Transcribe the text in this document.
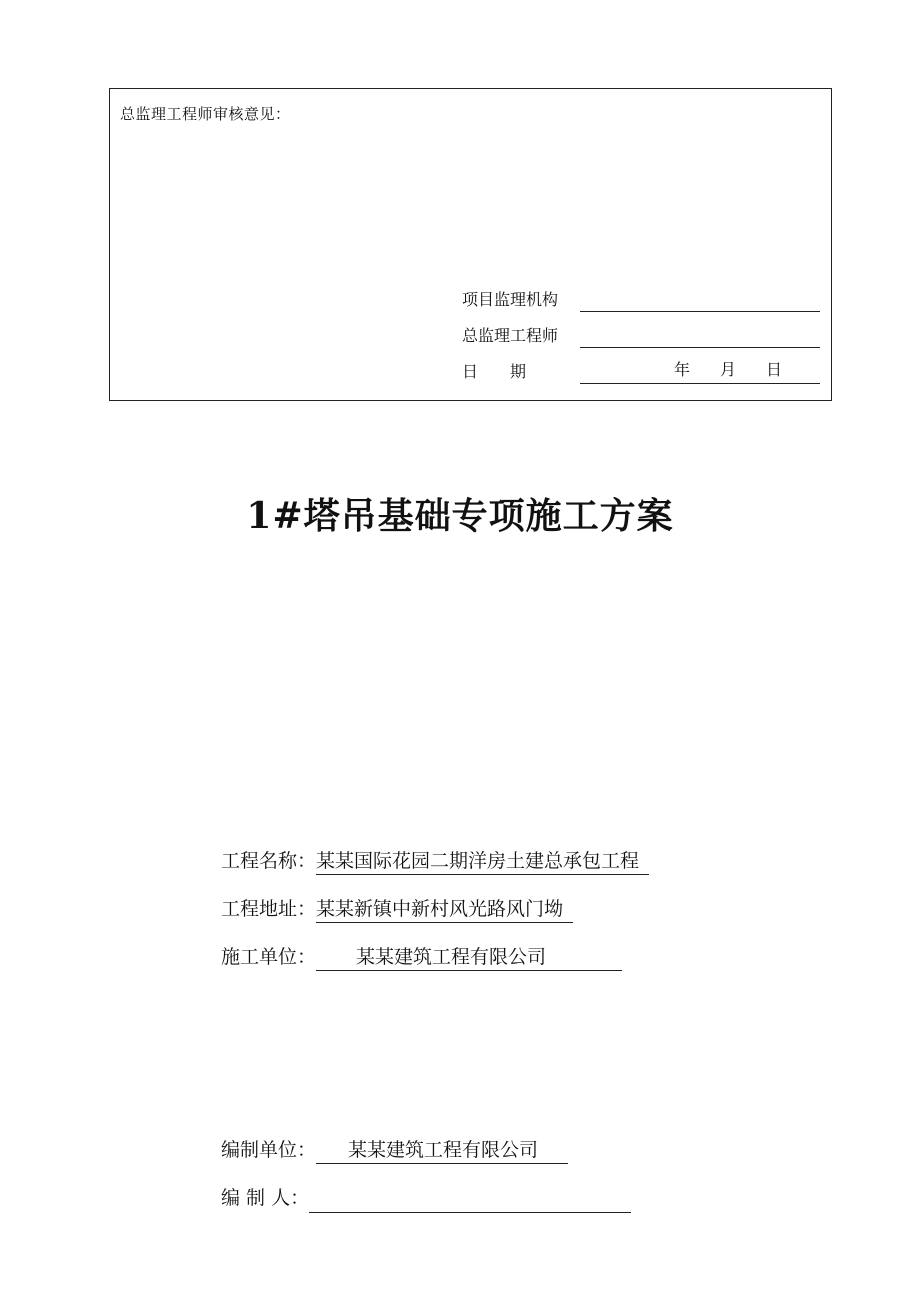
总监理工程师审核意见：
项目监理机构
总监理工程师
日　　期	年 月 日
1#塔吊基础专项施工方案
工程名称：某某国际花园二期洋房土建总承包工程
工程地址：某某新镇中新村风光路风门坳
施工单位： 某某建筑工程有限公司
编制单位： 某某建筑工程有限公司
编 制 人：
